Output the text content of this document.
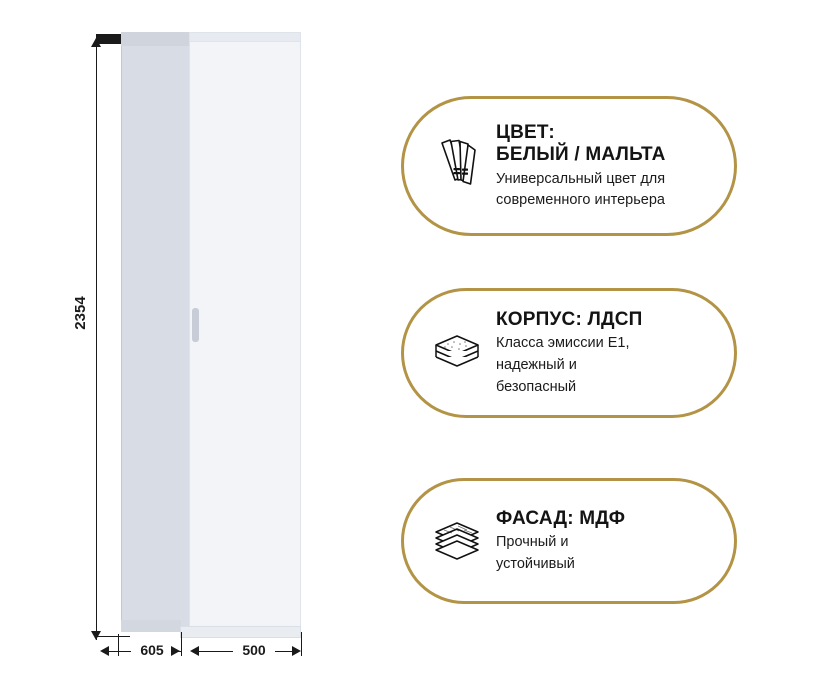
2354
605	500
ЦВЕТ:
БЕЛЫЙ / МАЛЬТА
Универсальный цвет для
современного интерьера
КОРПУС: ЛДСП
Класса эмиссии Е1,
надежный и
безопасный
ФАСАД: МДФ
Прочный и
устойчивый
